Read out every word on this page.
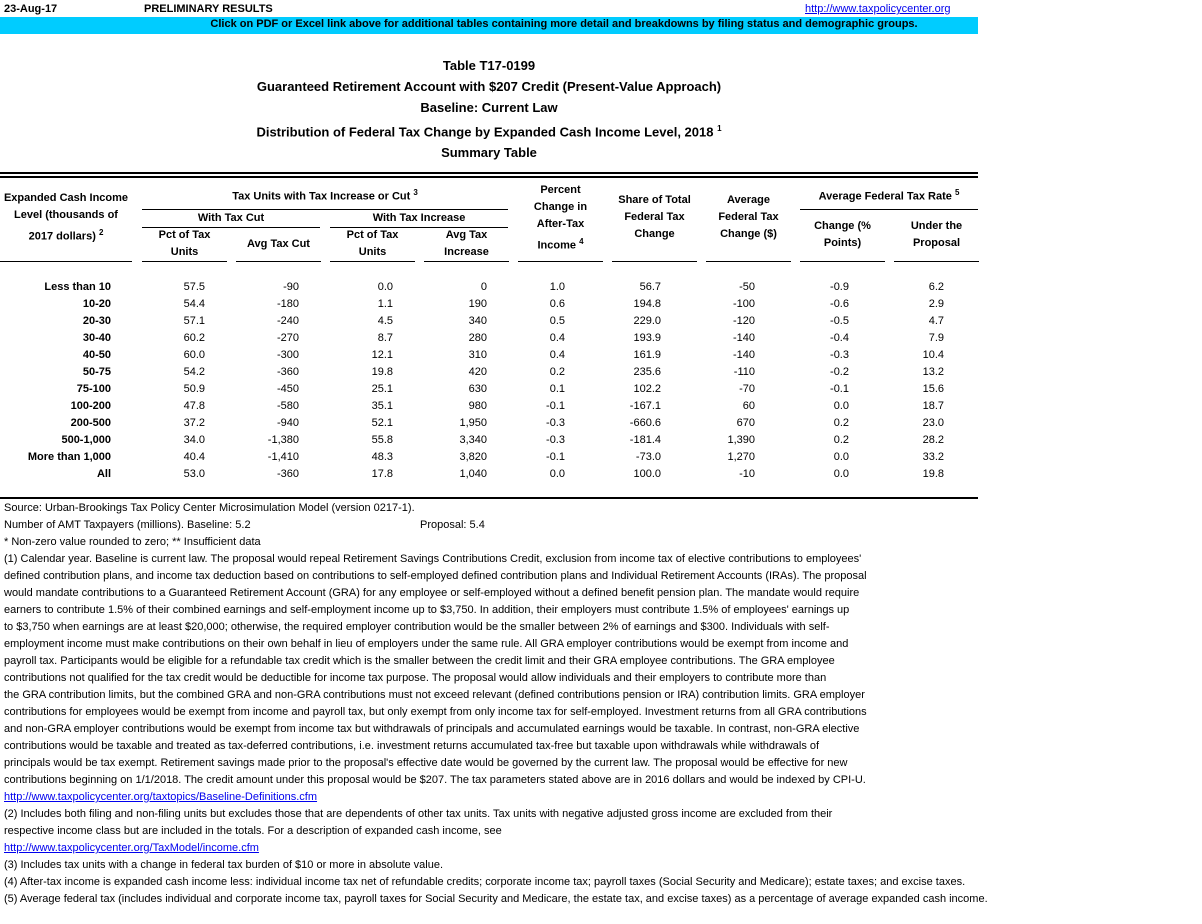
23-Aug-17	PRELIMINARY RESULTS	http://www.taxpolicycenter.org
Click on PDF or Excel link above for additional tables containing more detail and breakdowns by filing status and demographic groups.
Table T17-0199
Guaranteed Retirement Account with $207 Credit (Present-Value Approach)
Baseline: Current Law
Distribution of Federal Tax Change by Expanded Cash Income Level, 2018 $^1$
Summary Table
Expanded Cash Income
Level (thousands of
2017 dollars) $^2$
Tax Units with Tax Increase or Cut $^3$
With Tax Cut	With Tax Increase
Pct of Tax
Units
Avg Tax Cut
Pct of Tax
Units
Avg Tax
Increase
Percent
Change in
After-Tax
Income $^4$
Share of Total
Federal Tax
Change
Average
Federal Tax
Change ($)
Average Federal Tax Rate $^5$
Change (%
Points)
Under the
Proposal
Less than 10	57.5	-90	0.0	0	1.0	56.7	-50	-0.9	6.2
10-20	54.4	-180	1.1	190	0.6	194.8	-100	-0.6	2.9
20-30	57.1	-240	4.5	340	0.5	229.0	-120	-0.5	4.7
30-40	60.2	-270	8.7	280	0.4	193.9	-140	-0.4	7.9
40-50	60.0	-300	12.1	310	0.4	161.9	-140	-0.3	10.4
50-75	54.2	-360	19.8	420	0.2	235.6	-110	-0.2	13.2
75-100	50.9	-450	25.1	630	0.1	102.2	-70	-0.1	15.6
100-200	47.8	-580	35.1	980	-0.1	-167.1	60	0.0	18.7
200-500	37.2	-940	52.1	1,950	-0.3	-660.6	670	0.2	23.0
500-1,000	34.0	-1,380	55.8	3,340	-0.3	-181.4	1,390	0.2	28.2
More than 1,000	40.4	-1,410	48.3	3,820	-0.1	-73.0	1,270	0.0	33.2
All	53.0	-360	17.8	1,040	0.0	100.0	-10	0.0	19.8
Source: Urban-Brookings Tax Policy Center Microsimulation Model (version 0217-1).
Number of AMT Taxpayers (millions). Baseline: 5.2	Proposal: 5.4
* Non-zero value rounded to zero; ** Insufficient data
(1) Calendar year. Baseline is current law. The proposal would repeal Retirement Savings Contributions Credit, exclusion from income tax of elective contributions to employees'
defined contribution plans, and income tax deduction based on contributions to self-employed defined contribution plans and Individual Retirement Accounts (IRAs). The proposal
would mandate contributions to a Guaranteed Retirement Account (GRA) for any employee or self-employed without a defined benefit pension plan. The mandate would require
earners to contribute 1.5% of their combined earnings and self-employment income up to $3,750. In addition, their employers must contribute 1.5% of employees' earnings up
to $3,750 when earnings are at least $20,000; otherwise, the required employer contribution would be the smaller between 2% of earnings and $300. Individuals with self-
employment income must make contributions on their own behalf in lieu of employers under the same rule. All GRA employer contributions would be exempt from income and
payroll tax. Participants would be eligible for a refundable tax credit which is the smaller between the credit limit and their GRA employee contributions. The GRA employee
contributions not qualified for the tax credit would be deductible for income tax purpose. The proposal would allow individuals and their employers to contribute more than
the GRA contribution limits, but the combined GRA and non-GRA contributions must not exceed relevant (defined contributions pension or IRA) contribution limits. GRA employer
contributions for employees would be exempt from income and payroll tax, but only exempt from only income tax for self-employed. Investment returns from all GRA contributions
and non-GRA employer contributions would be exempt from income tax but withdrawals of principals and accumulated earnings would be taxable. In contrast, non-GRA elective
contributions would be taxable and treated as tax-deferred contributions, i.e. investment returns accumulated tax-free but taxable upon withdrawals while withdrawals of
principals would be tax exempt. Retirement savings made prior to the proposal's effective date would be governed by the current law. The proposal would be effective for new
contributions beginning on 1/1/2018. The credit amount under this proposal would be $207. The tax parameters stated above are in 2016 dollars and would be indexed by CPI-U.
http://www.taxpolicycenter.org/taxtopics/Baseline-Definitions.cfm
(2) Includes both filing and non-filing units but excludes those that are dependents of other tax units. Tax units with negative adjusted gross income are excluded from their
respective income class but are included in the totals. For a description of expanded cash income, see
http://www.taxpolicycenter.org/TaxModel/income.cfm
(3) Includes tax units with a change in federal tax burden of $10 or more in absolute value.
(4) After-tax income is expanded cash income less: individual income tax net of refundable credits; corporate income tax; payroll taxes (Social Security and Medicare); estate taxes; and excise taxes.
(5) Average federal tax (includes individual and corporate income tax, payroll taxes for Social Security and Medicare, the estate tax, and excise taxes) as a percentage of average expanded cash income.
